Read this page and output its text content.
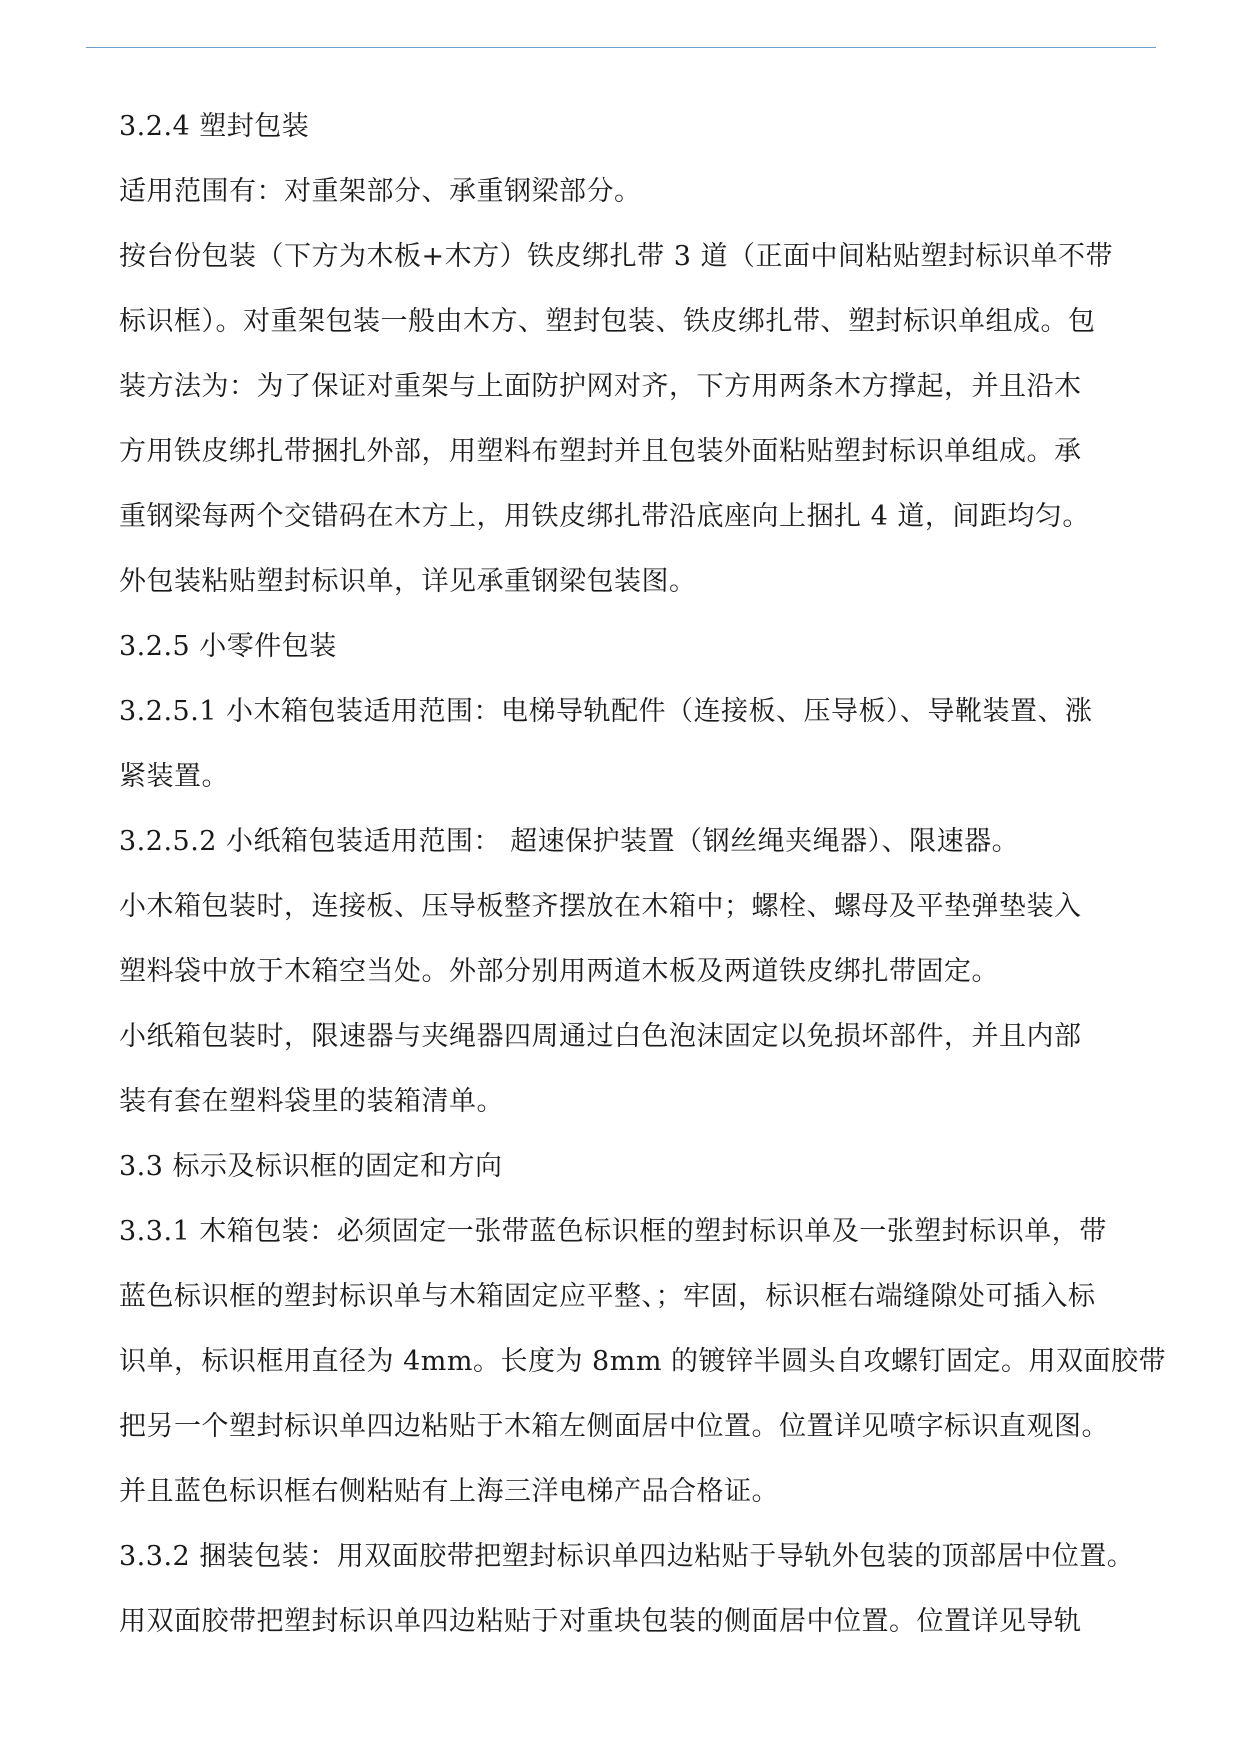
3.2.4 塑封包装
适用范围有：对重架部分、承重钢梁部分。
按台份包装（下方为木板+木方）铁皮绑扎带 3 道（正面中间粘贴塑封标识单不带
标识框）。对重架包装一般由木方、塑封包装、铁皮绑扎带、塑封标识单组成。包
装方法为：为了保证对重架与上面防护网对齐，下方用两条木方撑起，并且沿木
方用铁皮绑扎带捆扎外部，用塑料布塑封并且包装外面粘贴塑封标识单组成。承
重钢梁每两个交错码在木方上，用铁皮绑扎带沿底座向上捆扎 4 道，间距均匀。
外包装粘贴塑封标识单，详见承重钢梁包装图。
3.2.5 小零件包装
3.2.5.1 小木箱包装适用范围：电梯导轨配件（连接板、压导板）、导靴装置、涨
紧装置。
3.2.5.2 小纸箱包装适用范围： 超速保护装置（钢丝绳夹绳器）、限速器。
小木箱包装时，连接板、压导板整齐摆放在木箱中；螺栓、螺母及平垫弹垫装入
塑料袋中放于木箱空当处。外部分别用两道木板及两道铁皮绑扎带固定。
小纸箱包装时，限速器与夹绳器四周通过白色泡沫固定以免损坏部件，并且内部
装有套在塑料袋里的装箱清单。
3.3 标示及标识框的固定和方向
3.3.1 木箱包装：必须固定一张带蓝色标识框的塑封标识单及一张塑封标识单，带
蓝色标识框的塑封标识单与木箱固定应平整、；牢固，标识框右端缝隙处可插入标
识单，标识框用直径为 4mm。长度为 8mm 的镀锌半圆头自攻螺钉固定。用双面胶带
把另一个塑封标识单四边粘贴于木箱左侧面居中位置。位置详见喷字标识直观图。
并且蓝色标识框右侧粘贴有上海三洋电梯产品合格证。
3.3.2 捆装包装：用双面胶带把塑封标识单四边粘贴于导轨外包装的顶部居中位置。
用双面胶带把塑封标识单四边粘贴于对重块包装的侧面居中位置。位置详见导轨
